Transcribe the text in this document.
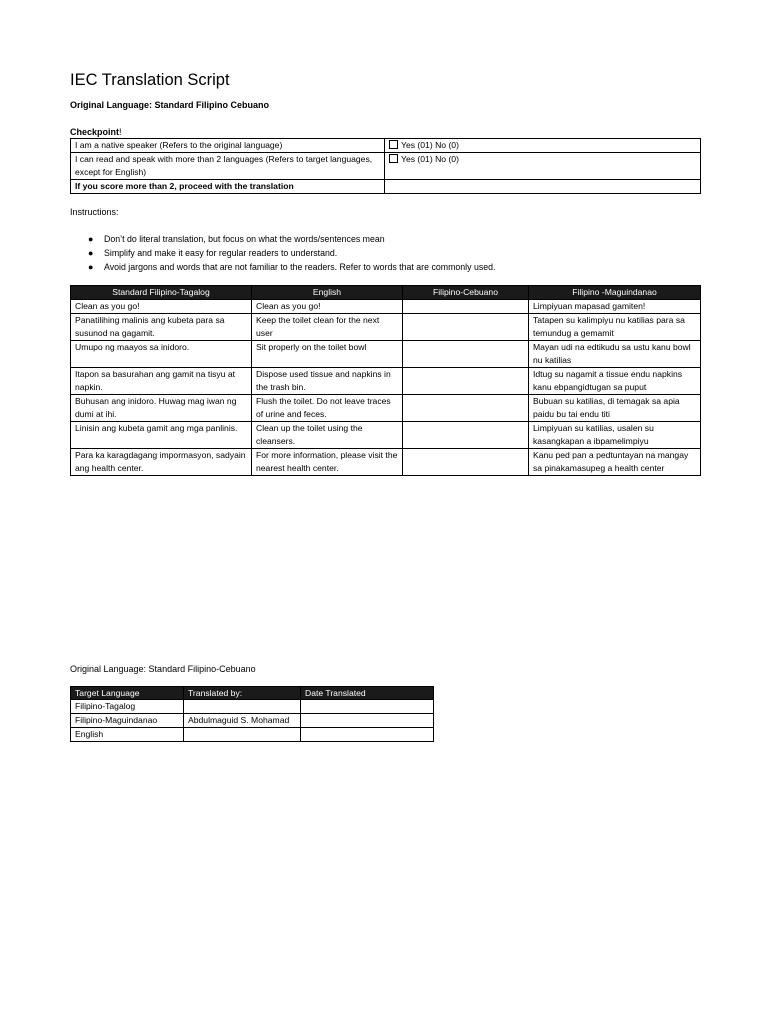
IEC Translation Script
Original Language: Standard Filipino Cebuano
Checkpoint!
I am a native speaker (Refers to the original language)	Yes (01) No (0)
I can read and speak with more than 2 languages (Refers to target languages, except for English)	Yes (01) No (0)
If you score more than 2, proceed with the translation	
Instructions:
● Don’t do literal translation, but focus on what the words/sentences mean
● Simplify and make it easy for regular readers to understand.
● Avoid jargons and words that are not familiar to the readers. Refer to words that are commonly used.
Standard Filipino-Tagalog	English	Filipino-Cebuano	Filipino -Maguindanao
Clean as you go!	Clean as you go!		Limpiyuan mapasad gamiten!
Panatilihing malinis ang kubeta para sa susunod na gagamit.	Keep the toilet clean for the next user		Tatapen su kalimpiyu nu katilias para sa temundug a gemamit
Umupo ng maayos sa inidoro.	Sit properly on the toilet bowl		Mayan udi na edtikudu sa ustu kanu bowl nu katilias
Itapon sa basurahan ang gamit na tisyu at napkin.	Dispose used tissue and napkins in the trash bin.		Idtug su nagamit a tissue endu napkins kanu ebpangidtugan sa puput
Buhusan ang inidoro. Huwag mag iwan ng dumi at ihi.	Flush the toilet. Do not leave traces of urine and feces.		Bubuan su katilias, di temagak sa apia paidu bu tai endu titi
Linisin ang kubeta gamit ang mga panlinis.	Clean up the toilet using the cleansers.		Limpiyuan su katilias, usalen su kasangkapan a ibpamelimpiyu
Para ka karagdagang impormasyon, sadyain ang health center.	For more information, please visit the nearest health center.		Kanu ped pan a pedtuntayan na mangay sa pinakamasupeg a health center
Original Language: Standard Filipino-Cebuano
Target Language	Translated by:	Date Translated
Filipino-Tagalog		
Filipino-Maguindanao	Abdulmaguid S. Mohamad	
English		
